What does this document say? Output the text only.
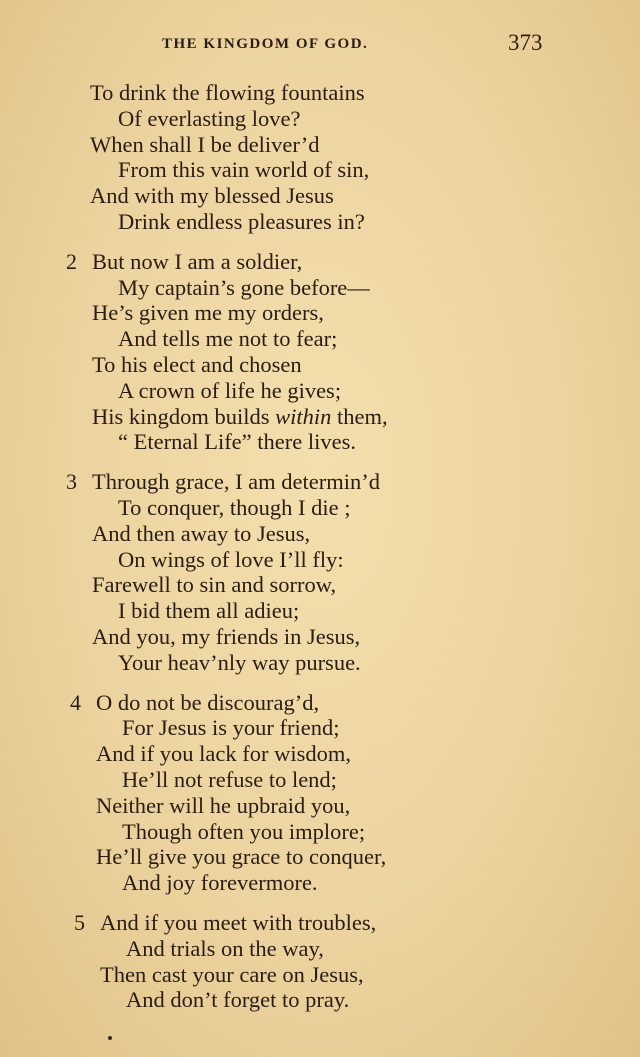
THE KINGDOM OF GOD.	373
To drink the flowing fountains
Of everlasting love?
When shall I be deliver’d
From this vain world of sin,
And with my blessed Jesus
Drink endless pleasures in?
2 But now I am a soldier,
My captain’s gone before—
He’s given me my orders,
And tells me not to fear;
To his elect and chosen
A crown of life he gives;
His kingdom builds within them,
“ Eternal Life” there lives.
3 Through grace, I am determin’d
To conquer, though I die ;
And then away to Jesus,
On wings of love I’ll fly:
Farewell to sin and sorrow,
I bid them all adieu;
And you, my friends in Jesus,
Your heav’nly way pursue.
4 O do not be discourag’d,
For Jesus is your friend;
And if you lack for wisdom,
He’ll not refuse to lend;
Neither will he upbraid you,
Though often you implore;
He’ll give you grace to conquer,
And joy forevermore.
5 And if you meet with troubles,
And trials on the way,
Then cast your care on Jesus,
And don’t forget to pray.
